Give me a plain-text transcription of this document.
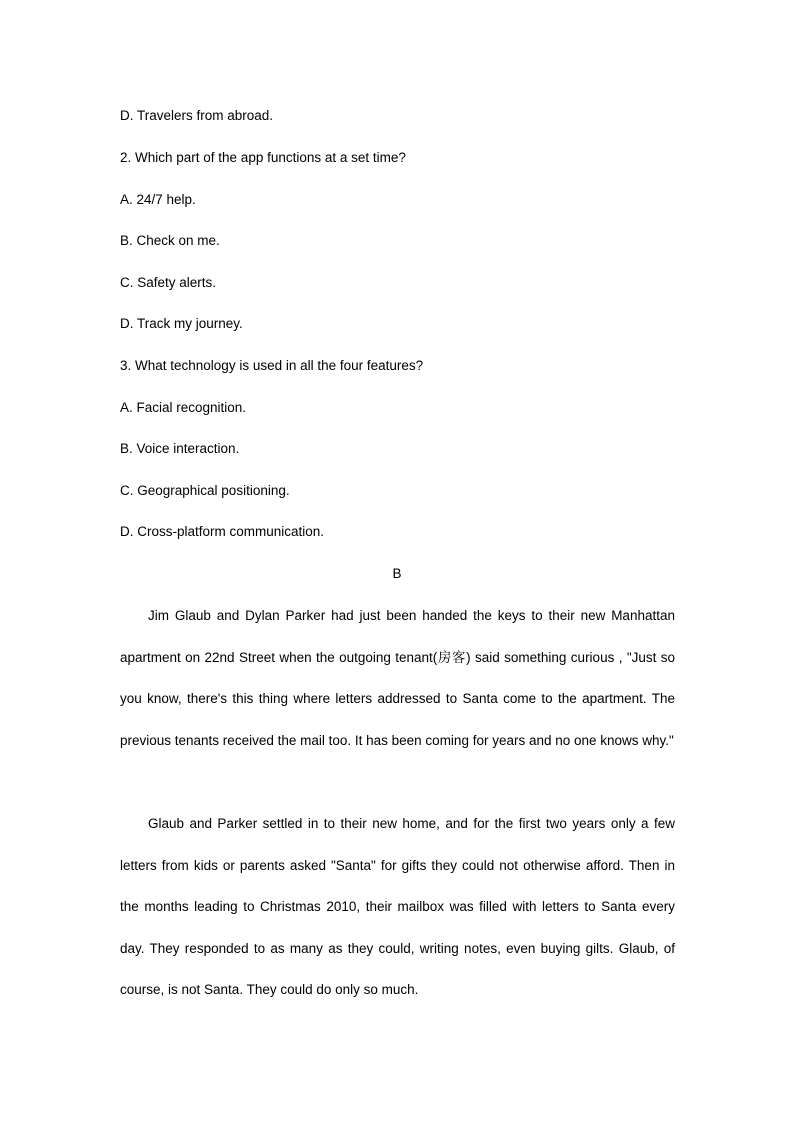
D. Travelers from abroad.
2. Which part of the app functions at a set time?
A. 24/7 help.
B. Check on me.
C. Safety alerts.
D. Track my journey.
3. What technology is used in all the four features?
A. Facial recognition.
B. Voice interaction.
C. Geographical positioning.
D. Cross-platform communication.
B

Jim Glaub and Dylan Parker had just been handed the keys to their new Manhattan apartment on 22nd Street when the outgoing tenant(房客) said something curious , "Just so you know, there's this thing where letters addressed to Santa come to the apartment. The previous tenants received the mail too. It has been coming for years and no one knows why."

Glaub and Parker settled in to their new home, and for the first two years only a few letters from kids or parents asked "Santa" for gifts they could not otherwise afford. Then in the months leading to Christmas 2010, their mailbox was filled with letters to Santa every day. They responded to as many as they could, writing notes, even buying gilts. Glaub, of course, is not Santa. They could do only so much.
